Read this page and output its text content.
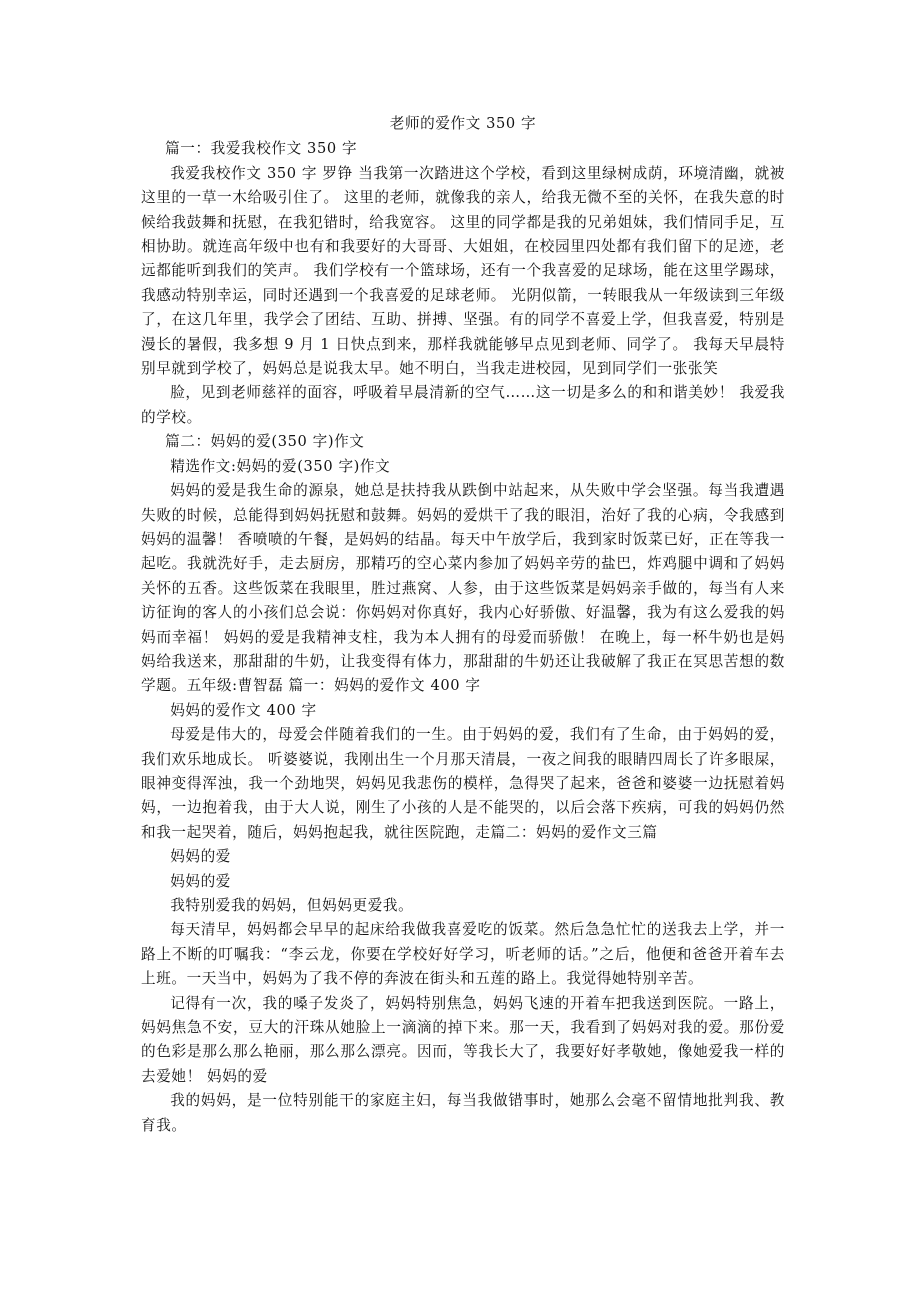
老师的爱作文 350 字

篇一：我爱我校作文 350 字

我爱我校作文 350 字 罗铮 当我第一次踏进这个学校，看到这里绿树成荫，环境清幽，就被这里的一草一木给吸引住了。 这里的老师，就像我的亲人，给我无微不至的关怀，在我失意的时候给我鼓舞和抚慰，在我犯错时，给我宽容。 这里的同学都是我的兄弟姐妹，我们情同手足，互相协助。就连高年级中也有和我要好的大哥哥、大姐姐，在校园里四处都有我们留下的足迹，老远都能听到我们的笑声。 我们学校有一个篮球场，还有一个我喜爱的足球场，能在这里学踢球，我感动特别幸运，同时还遇到一个我喜爱的足球老师。 光阴似箭，一转眼我从一年级读到三年级了，在这几年里，我学会了团结、互助、拼搏、坚强。有的同学不喜爱上学，但我喜爱，特别是漫长的暑假，我多想 9 月 1 日快点到来，那样我就能够早点见到老师、同学了。 我每天早晨特别早就到学校了，妈妈总是说我太早。她不明白，当我走进校园，见到同学们一张张笑

脸，见到老师慈祥的面容，呼吸着早晨清新的空气……这一切是多么的和和谐美妙！ 我爱我的学校。

篇二：妈妈的爱(350 字)作文

精选作文:妈妈的爱(350 字)作文

妈妈的爱是我生命的源泉，她总是扶持我从跌倒中站起来，从失败中学会坚强。每当我遭遇失败的时候，总能得到妈妈抚慰和鼓舞。妈妈的爱烘干了我的眼泪，治好了我的心病，令我感到妈妈的温馨！ 香喷喷的午餐，是妈妈的结晶。每天中午放学后，我到家时饭菜已好，正在等我一起吃。我就洗好手，走去厨房，那精巧的空心菜内参加了妈妈辛劳的盐巴，炸鸡腿中调和了妈妈关怀的五香。这些饭菜在我眼里，胜过燕窝、人参，由于这些饭菜是妈妈亲手做的，每当有人来访征询的客人的小孩们总会说：你妈妈对你真好，我内心好骄傲、好温馨，我为有这么爱我的妈妈而幸福！ 妈妈的爱是我精神支柱，我为本人拥有的母爱而骄傲！ 在晚上，每一杯牛奶也是妈妈给我送来，那甜甜的牛奶，让我变得有体力，那甜甜的牛奶还让我破解了我正在冥思苦想的数学题。五年级:曹智磊 篇一：妈妈的爱作文 400 字

妈妈的爱作文 400 字

母爱是伟大的，母爱会伴随着我们的一生。由于妈妈的爱，我们有了生命，由于妈妈的爱，我们欢乐地成长。 听婆婆说，我刚出生一个月那天清晨，一夜之间我的眼睛四周长了许多眼屎，眼神变得浑浊，我一个劲地哭，妈妈见我悲伤的模样，急得哭了起来，爸爸和婆婆一边抚慰着妈妈，一边抱着我，由于大人说，刚生了小孩的人是不能哭的，以后会落下疾病，可我的妈妈仍然和我一起哭着，随后，妈妈抱起我，就往医院跑，走篇二：妈妈的爱作文三篇

妈妈的爱

妈妈的爱

我特别爱我的妈妈，但妈妈更爱我。

每天清早，妈妈都会早早的起床给我做我喜爱吃的饭菜。然后急急忙忙的送我去上学，并一路上不断的叮嘱我：“李云龙，你要在学校好好学习，听老师的话。”之后，他便和爸爸开着车去上班。一天当中，妈妈为了我不停的奔波在街头和五莲的路上。我觉得她特别辛苦。

记得有一次，我的嗓子发炎了，妈妈特别焦急，妈妈飞速的开着车把我送到医院。一路上，妈妈焦急不安，豆大的汗珠从她脸上一滴滴的掉下来。那一天，我看到了妈妈对我的爱。那份爱的色彩是那么那么艳丽，那么那么漂亮。因而，等我长大了，我要好好孝敬她，像她爱我一样的去爱她！ 妈妈的爱

我的妈妈，是一位特别能干的家庭主妇，每当我做错事时，她那么会毫不留情地批判我、教育我。
